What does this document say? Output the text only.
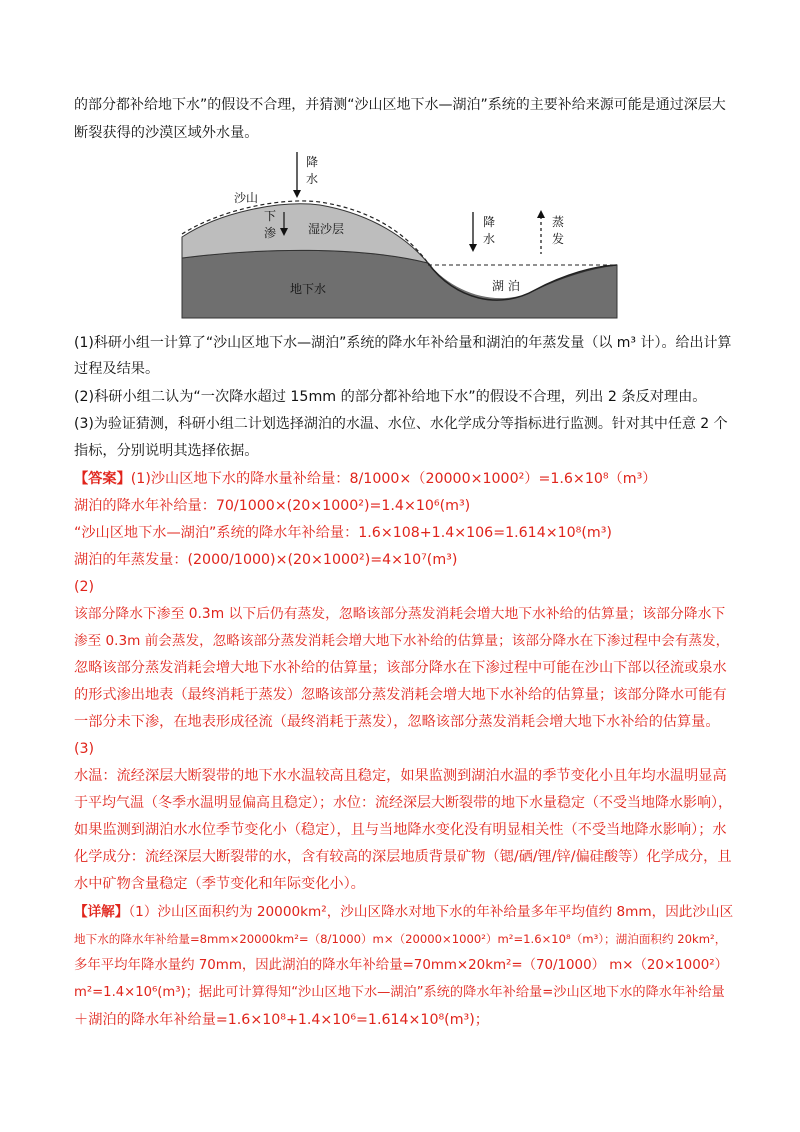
的部分都补给地下水”的假设不合理，并猜测“沙山区地下水—湖泊”系统的主要补给来源可能是通过深层大
断裂获得的沙漠区域外水量。
降
水
沙山
下
渗	湿沙层
地下水	湖 泊
降
水
蒸
发
(1)科研小组一计算了“沙山区地下水—湖泊”系统的降水年补给量和湖泊的年蒸发量（以 m³ 计）。给出计算
过程及结果。
(2)科研小组二认为“一次降水超过 15mm 的部分都补给地下水”的假设不合理，列出 2 条反对理由。
(3)为验证猜测，科研小组二计划选择湖泊的水温、水位、水化学成分等指标进行监测。针对其中任意 2 个
指标，分别说明其选择依据。
【答案】(1)沙山区地下水的降水量补给量：8/1000×（20000×1000²）=1.6×10⁸（m³）
湖泊的降水年补给量：70/1000×(20×1000²)=1.4×10⁶(m³)
“沙山区地下水—湖泊”系统的降水年补给量：1.6×108+1.4×106=1.614×10⁸(m³)
湖泊的年蒸发量：(2000/1000)×(20×1000²)=4×10⁷(m³)
(2)
该部分降水下渗至 0.3m 以下后仍有蒸发，忽略该部分蒸发消耗会增大地下水补给的估算量；该部分降水下
渗至 0.3m 前会蒸发，忽略该部分蒸发消耗会增大地下水补给的估算量；该部分降水在下渗过程中会有蒸发，
忽略该部分蒸发消耗会增大地下水补给的估算量；该部分降水在下渗过程中可能在沙山下部以径流或泉水
的形式渗出地表（最终消耗于蒸发）忽略该部分蒸发消耗会增大地下水补给的估算量；该部分降水可能有
一部分未下渗，在地表形成径流（最终消耗于蒸发），忽略该部分蒸发消耗会增大地下水补给的估算量。
(3)
水温：流经深层大断裂带的地下水水温较高且稳定，如果监测到湖泊水温的季节变化小且年均水温明显高
于平均气温（冬季水温明显偏高且稳定）；水位：流经深层大断裂带的地下水量稳定（不受当地降水影响），
如果监测到湖泊水水位季节变化小（稳定），且与当地降水变化没有明显相关性（不受当地降水影响）；水
化学成分：流经深层大断裂带的水，含有较高的深层地质背景矿物（锶/硒/锂/锌/偏硅酸等）化学成分，且
水中矿物含量稳定（季节变化和年际变化小）。
【详解】（1）沙山区面积约为 20000km²，沙山区降水对地下水的年补给量多年平均值约 8mm，因此沙山区
地下水的降水年补给量=8mm×20000km²=（8/1000）m×（20000×1000²）m²=1.6×10⁸（m³）；湖泊面积约 20km²，
多年平均年降水量约 70mm，因此湖泊的降水年补给量=70mm×20km²=（70/1000） m×（20×1000²）
m²=1.4×10⁶(m³)；据此可计算得知“沙山区地下水—湖泊”系统的降水年补给量=沙山区地下水的降水年补给量
＋湖泊的降水年补给量=1.6×10⁸+1.4×10⁶=1.614×10⁸(m³)；
